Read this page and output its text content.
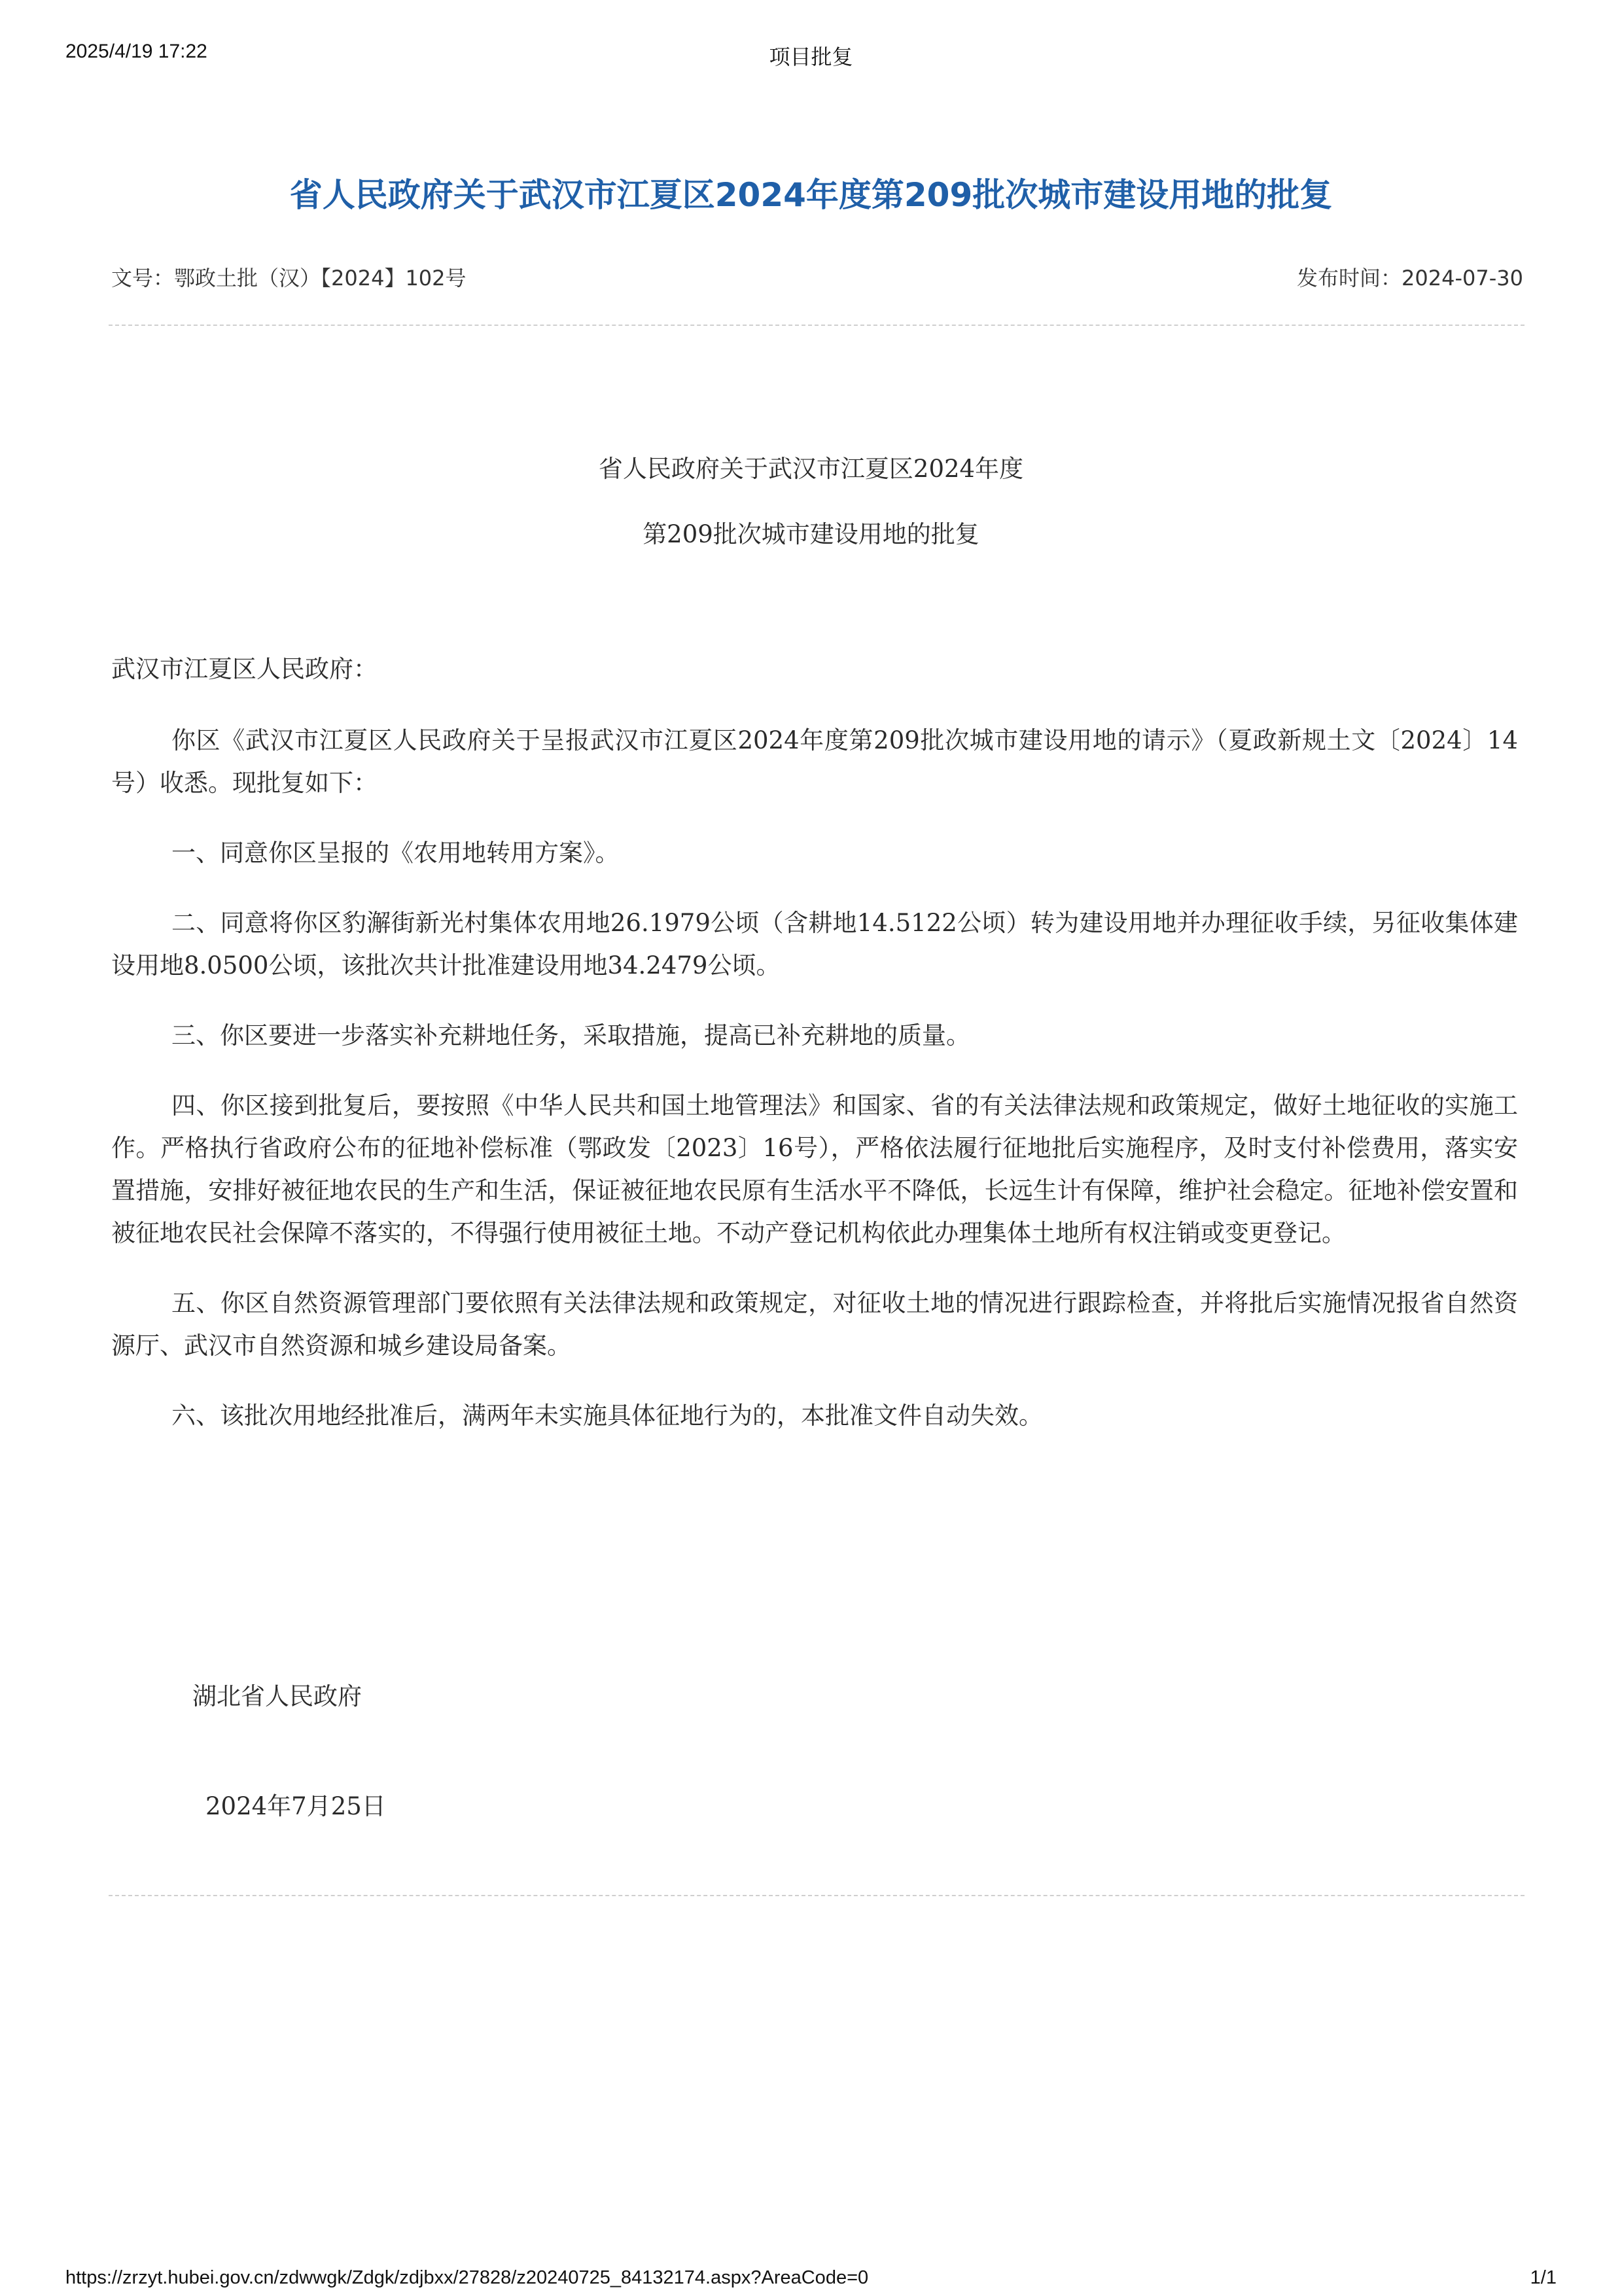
2025/4/19 17:22	项目批复
省人民政府关于武汉市江夏区2024年度第209批次城市建设用地的批复
文号：鄂政土批（汉）【2024】102号	发布时间：2024-07-30
省人民政府关于武汉市江夏区2024年度
第209批次城市建设用地的批复

武汉市江夏区人民政府：

你区《武汉市江夏区人民政府关于呈报武汉市江夏区2024年度第209批次城市建设用地的请示》（夏政新规土文〔2024〕14号）收悉。现批复如下：

一、同意你区呈报的《农用地转用方案》。

二、同意将你区豹澥街新光村集体农用地26.1979公顷（含耕地14.5122公顷）转为建设用地并办理征收手续，另征收集体建设用地8.0500公顷，该批次共计批准建设用地34.2479公顷。

三、你区要进一步落实补充耕地任务，采取措施，提高已补充耕地的质量。

四、你区接到批复后，要按照《中华人民共和国土地管理法》和国家、省的有关法律法规和政策规定，做好土地征收的实施工作。严格执行省政府公布的征地补偿标准（鄂政发〔2023〕16号），严格依法履行征地批后实施程序，及时支付补偿费用，落实安置措施，安排好被征地农民的生产和生活，保证被征地农民原有生活水平不降低，长远生计有保障，维护社会稳定。征地补偿安置和被征地农民社会保障不落实的，不得强行使用被征土地。不动产登记机构依此办理集体土地所有权注销或变更登记。

五、你区自然资源管理部门要依照有关法律法规和政策规定，对征收土地的情况进行跟踪检查，并将批后实施情况报省自然资源厅、武汉市自然资源和城乡建设局备案。

六、该批次用地经批准后，满两年未实施具体征地行为的，本批准文件自动失效。

湖北省人民政府
2024年7月25日
https://zrzyt.hubei.gov.cn/zdwwgk/Zdgk/zdjbxx/27828/z20240725_84132174.aspx?AreaCode=0	1/1
